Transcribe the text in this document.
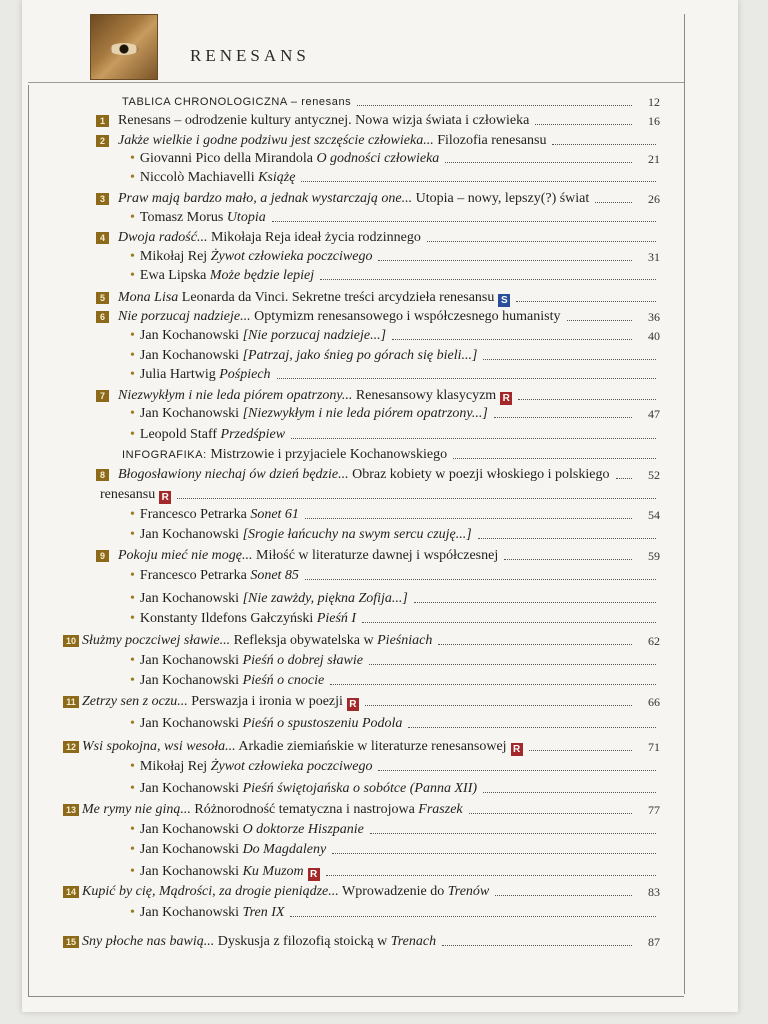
RENESANS
TABLICA CHRONOLOGICZNA – renesans	12
1 Renesans – odrodzenie kultury antycznej. Nowa wizja świata i człowieka	16
2 Jakże wielkie i godne podziwu jest szczęście człowieka... Filozofia renesansu
• Giovanni Pico della Mirandola O godności człowieka	21
• Niccolò Machiavelli Książę
3 Praw mają bardzo mało, a jednak wystarczają one... Utopia – nowy, lepszy(?) świat	26
• Tomasz Morus Utopia
4 Dwoja radość... Mikołaja Reja ideał życia rodzinnego
• Mikołaj Rej Żywot człowieka poczciwego	31
• Ewa Lipska Może będzie lepiej
5 Mona Lisa Leonarda da Vinci. Sekretne treści arcydzieła renesansu S
6 Nie porzucaj nadzieje... Optymizm renesansowego i współczesnego humanisty	36
• Jan Kochanowski [Nie porzucaj nadzieje...]	40
• Jan Kochanowski [Patrzaj, jako śnieg po górach się bieli...]
• Julia Hartwig Pośpiech
7 Niezwykłym i nie leda piórem opatrzony... Renesansowy klasycyzm R
• Jan Kochanowski [Niezwykłym i nie leda piórem opatrzony...]	47
• Leopold Staff Przedśpiew
INFOGRAFIKA: Mistrzowie i przyjaciele Kochanowskiego
8 Błogosławiony niechaj ów dzień będzie... Obraz kobiety w poezji włoskiego i polskiego	52
renesansu R
• Francesco Petrarka Sonet 61	54
• Jan Kochanowski [Srogie łańcuchy na swym sercu czuję...]
9 Pokoju mieć nie mogę... Miłość w literaturze dawnej i współczesnej	59
• Francesco Petrarka Sonet 85
• Jan Kochanowski [Nie zawżdy, piękna Zofija...]
• Konstanty Ildefons Gałczyński Pieśń I
10 Służmy poczciwej sławie... Refleksja obywatelska w Pieśniach	62
• Jan Kochanowski Pieśń o dobrej sławie
• Jan Kochanowski Pieśń o cnocie
11 Zetrzy sen z oczu... Perswazja i ironia w poezji R	66
• Jan Kochanowski Pieśń o spustoszeniu Podola
12 Wsi spokojna, wsi wesoła... Arkadie ziemiańskie w literaturze renesansowej R	71
• Mikołaj Rej Żywot człowieka poczciwego
• Jan Kochanowski Pieśń świętojańska o sobótce (Panna XII)
13 Me rymy nie giną... Różnorodność tematyczna i nastrojowa Fraszek	77
• Jan Kochanowski O doktorze Hiszpanie
• Jan Kochanowski Do Magdaleny
• Jan Kochanowski Ku Muzom R
14 Kupić by cię, Mądrości, za drogie pieniądze... Wprowadzenie do Trenów	83
• Jan Kochanowski Tren IX
15 Sny płoche nas bawią... Dyskusja z filozofią stoicką w Trenach	87
